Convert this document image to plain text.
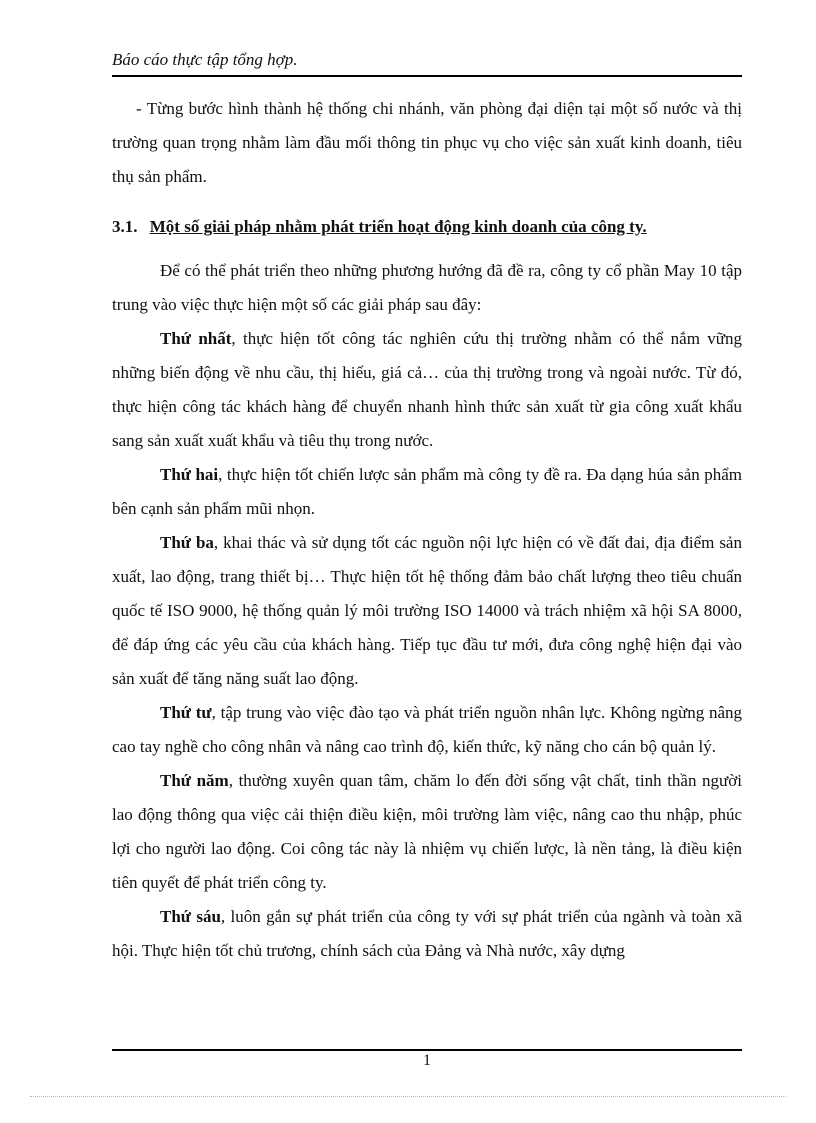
Báo cáo thực tập tổng hợp.

- Từng bước hình thành hệ thống chi nhánh, văn phòng đại diện tại một số nước và thị trường quan trọng nhằm làm đầu mối thông tin phục vụ cho việc sản xuất kinh doanh, tiêu thụ sản phẩm.

3.1. Một số giải pháp nhằm phát triển hoạt động kinh doanh của công ty.

Để có thể phát triển theo những phương hướng đã đề ra, công ty cổ phần May 10 tập trung vào việc thực hiện một số các giải pháp sau đây:

Thứ nhất, thực hiện tốt công tác nghiên cứu thị trường nhằm có thể nắm vững những biến động về nhu cầu, thị hiếu, giá cả… của thị trường trong và ngoài nước. Từ đó, thực hiện công tác khách hàng để chuyển nhanh hình thức sản xuất từ gia công xuất khẩu sang sản xuất xuất khẩu và tiêu thụ trong nước.

Thứ hai, thực hiện tốt chiến lược sản phẩm mà công ty đề ra. Đa dạng húa sản phẩm bên cạnh sản phẩm mũi nhọn.

Thứ ba, khai thác và sử dụng tốt các nguồn nội lực hiện có về đất đai, địa điểm sản xuất, lao động, trang thiết bị… Thực hiện tốt hệ thống đảm bảo chất lượng theo tiêu chuẩn quốc tế ISO 9000, hệ thống quản lý môi trường ISO 14000 và trách nhiệm xã hội SA 8000, để đáp ứng các yêu cầu của khách hàng. Tiếp tục đầu tư mới, đưa công nghệ hiện đại vào sản xuất để tăng năng suất lao động.

Thứ tư, tập trung vào việc đào tạo và phát triển nguồn nhân lực. Không ngừng nâng cao tay nghề cho công nhân và nâng cao trình độ, kiến thức, kỹ năng cho cán bộ quản lý.

Thứ năm, thường xuyên quan tâm, chăm lo đến đời sống vật chất, tinh thần người lao động thông qua việc cải thiện điều kiện, môi trường làm việc, nâng cao thu nhập, phúc lợi cho người lao động. Coi công tác này là nhiệm vụ chiến lược, là nền tảng, là điều kiện tiên quyết để phát triển công ty.

Thứ sáu, luôn gắn sự phát triển của công ty với sự phát triển của ngành và toàn xã hội. Thực hiện tốt chủ trương, chính sách của Đảng và Nhà nước, xây dựng

1
